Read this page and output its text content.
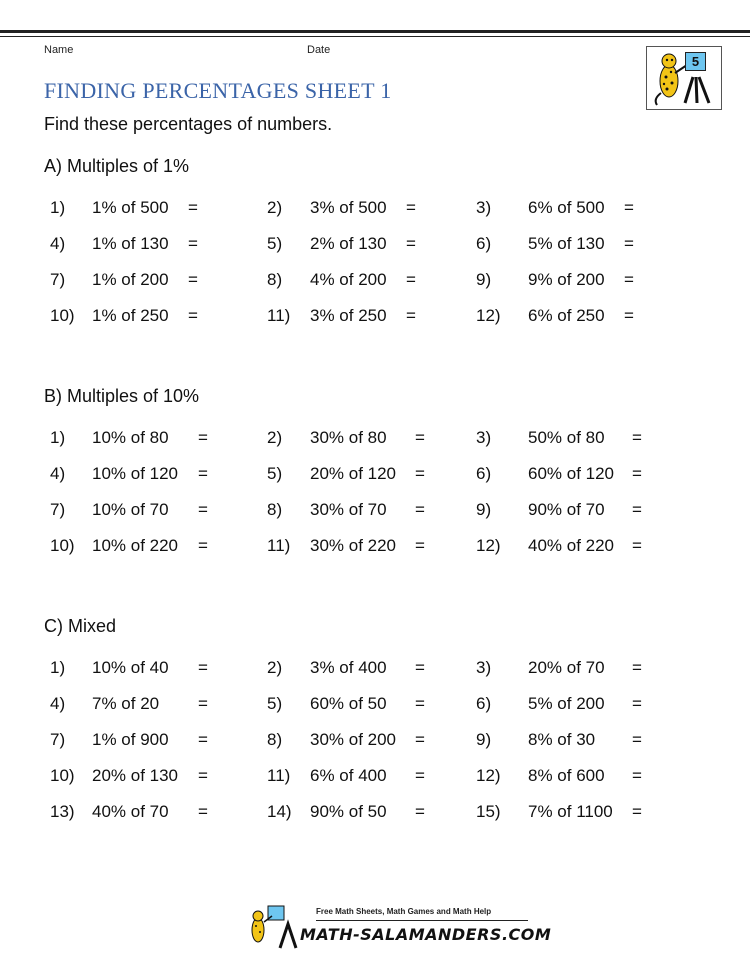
Name	Date
FINDING PERCENTAGES SHEET 1
Find these percentages of numbers.
5
A) Multiples of 1%
1) 1% of 500 =	2) 3% of 500 =	3) 6% of 500 =
4) 1% of 130 =	5) 2% of 130 =	6) 5% of 130 =
7) 1% of 200 =	8) 4% of 200 =	9) 9% of 200 =
10) 1% of 250 =	11) 3% of 250 =	12) 6% of 250 =
B) Multiples of 10%
1) 10% of 80 =	2) 30% of 80 =	3) 50% of 80 =
4) 10% of 120 =	5) 20% of 120 =	6) 60% of 120 =
7) 10% of 70 =	8) 30% of 70 =	9) 90% of 70 =
10) 10% of 220 =	11) 30% of 220 =	12) 40% of 220 =
C) Mixed
1) 10% of 40 =	2) 3% of 400 =	3) 20% of 70 =
4) 7% of 20 =	5) 60% of 50 =	6) 5% of 200 =
7) 1% of 900 =	8) 30% of 200 =	9) 8% of 30 =
10) 20% of 130 =	11) 6% of 400 =	12) 8% of 600 =
13) 40% of 70 =	14) 90% of 50 =	15) 7% of 1100 =
Free Math Sheets, Math Games and Math Help
MATH-SALAMANDERS.COM
